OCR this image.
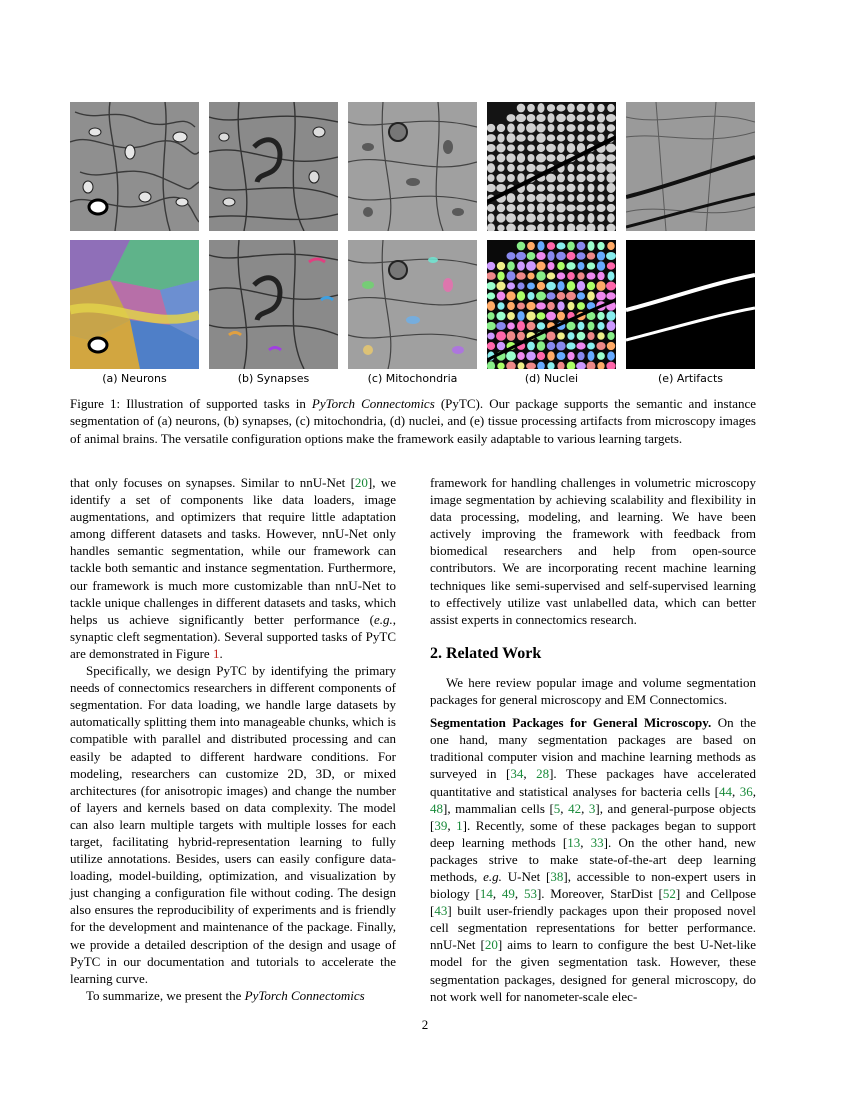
(a) Neurons	(b) Synapses	(c) Mitochondria	(d) Nuclei	(e) Artifacts
Figure 1: Illustration of supported tasks in PyTorch Connectomics (PyTC). Our package supports the semantic and instance segmentation of (a) neurons, (b) synapses, (c) mitochondria, (d) nuclei, and (e) tissue processing artifacts from microscopy images of animal brains. The versatile configuration options make the framework easily adaptable to various learning targets.

that only focuses on synapses. Similar to nnU-Net [20], we identify a set of components like data loaders, image augmentations, and optimizers that require little adaptation among different datasets and tasks. However, nnU-Net only handles semantic segmentation, while our framework can tackle both semantic and instance segmentation. Furthermore, our framework is much more customizable than nnU-Net to tackle unique challenges in different datasets and tasks, which helps us achieve significantly better performance (e.g., synaptic cleft segmentation). Several supported tasks of PyTC are demonstrated in Figure 1.

Specifically, we design PyTC by identifying the primary needs of connectomics researchers in different components of segmentation. For data loading, we handle large datasets by automatically splitting them into manageable chunks, which is compatible with parallel and distributed processing and can easily be adapted to different hardware conditions. For modeling, researchers can customize 2D, 3D, or mixed architectures (for anisotropic images) and change the number of layers and kernels based on data complexity. The model can also learn multiple targets with multiple losses for each target, facilitating hybrid-representation learning to fully utilize annotations. Besides, users can easily configure data-loading, model-building, optimization, and visualization by just changing a configuration file without coding. The design also ensures the reproducibility of experiments and is friendly for the development and maintenance of the package. Finally, we provide a detailed description of the design and usage of PyTC in our documentation and tutorials to accelerate the learning curve.

To summarize, we present the PyTorch Connectomics

framework for handling challenges in volumetric microscopy image segmentation by achieving scalability and flexibility in data processing, modeling, and learning. We have been actively improving the framework with feedback from biomedical researchers and help from open-source contributors. We are incorporating recent machine learning techniques like semi-supervised and self-supervised learning to effectively utilize vast unlabelled data, which can better assist experts in connectomics research.

2. Related Work

We here review popular image and volume segmentation packages for general microscopy and EM Connectomics.

Segmentation Packages for General Microscopy. On the one hand, many segmentation packages are based on traditional computer vision and machine learning methods as surveyed in [34, 28]. These packages have accelerated quantitative and statistical analyses for bacteria cells [44, 36, 48], mammalian cells [5, 42, 3], and general-purpose objects [39, 1]. Recently, some of these packages began to support deep learning methods [13, 33]. On the other hand, new packages strive to make state-of-the-art deep learning methods, e.g. U-Net [38], accessible to non-expert users in biology [14, 49, 53]. Moreover, StarDist [52] and Cellpose [43] built user-friendly packages upon their proposed novel cell segmentation representations for better performance. nnU-Net [20] aims to learn to configure the best U-Net-like model for the given segmentation task. However, these segmentation packages, designed for general microscopy, do not work well for nanometer-scale elec-

2
